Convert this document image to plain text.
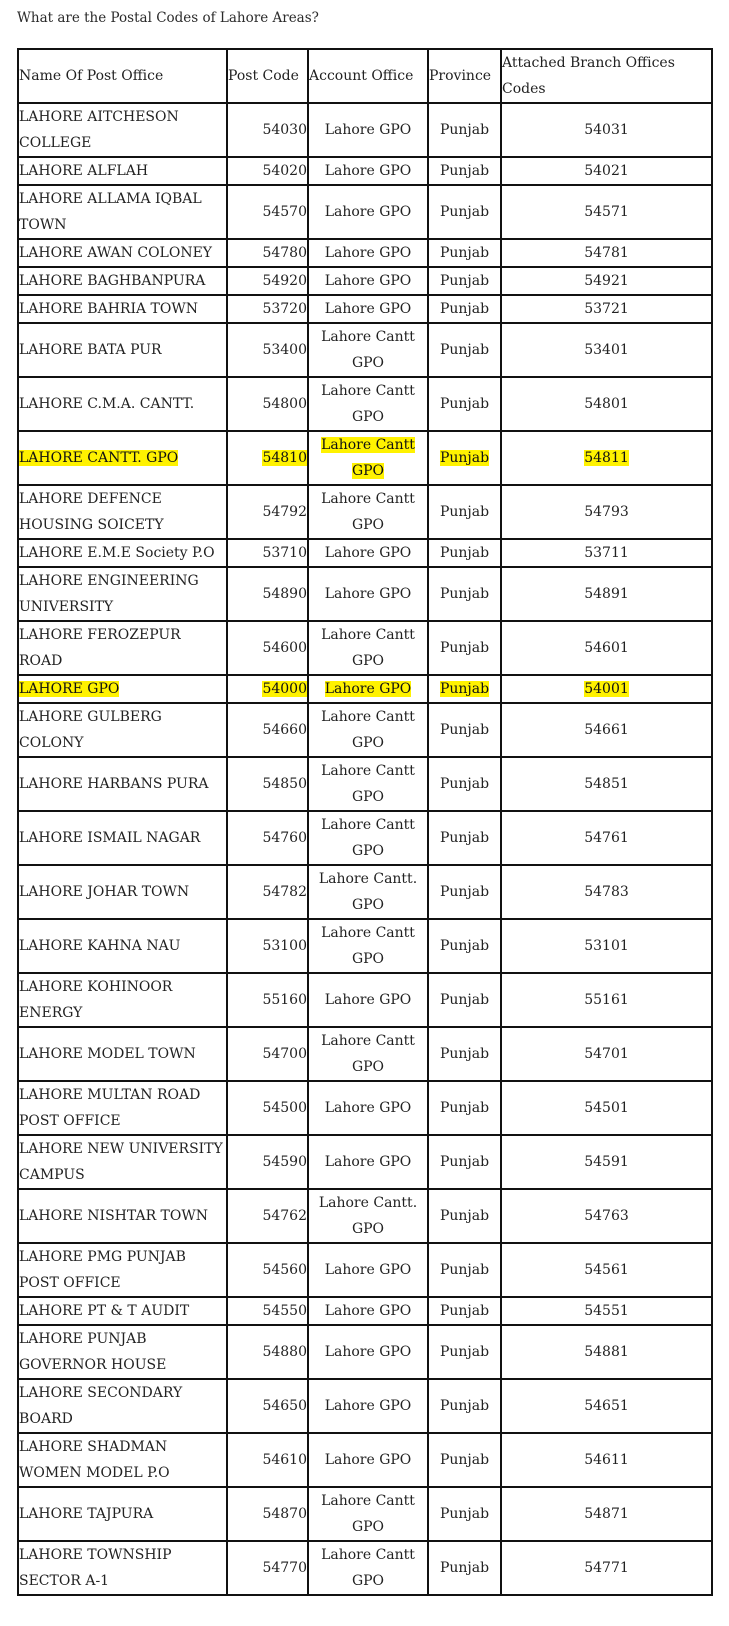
What are the Postal Codes of Lahore Areas?

Name Of Post Office	Post Code	Account Office	Province	Attached Branch Offices Codes
LAHORE AITCHESON COLLEGE	54030	Lahore GPO	Punjab	54031
LAHORE ALFLAH	54020	Lahore GPO	Punjab	54021
LAHORE ALLAMA IQBAL TOWN	54570	Lahore GPO	Punjab	54571
LAHORE AWAN COLONEY	54780	Lahore GPO	Punjab	54781
LAHORE BAGHBANPURA	54920	Lahore GPO	Punjab	54921
LAHORE BAHRIA TOWN	53720	Lahore GPO	Punjab	53721
LAHORE BATA PUR	53400	Lahore Cantt GPO	Punjab	53401
LAHORE C.M.A. CANTT.	54800	Lahore Cantt GPO	Punjab	54801
LAHORE CANTT. GPO	54810	Lahore Cantt GPO	Punjab	54811
LAHORE DEFENCE HOUSING SOICETY	54792	Lahore Cantt GPO	Punjab	54793
LAHORE E.M.E Society P.O	53710	Lahore GPO	Punjab	53711
LAHORE ENGINEERING UNIVERSITY	54890	Lahore GPO	Punjab	54891
LAHORE FEROZEPUR ROAD	54600	Lahore Cantt GPO	Punjab	54601
LAHORE GPO	54000	Lahore GPO	Punjab	54001
LAHORE GULBERG COLONY	54660	Lahore Cantt GPO	Punjab	54661
LAHORE HARBANS PURA	54850	Lahore Cantt GPO	Punjab	54851
LAHORE ISMAIL NAGAR	54760	Lahore Cantt GPO	Punjab	54761
LAHORE JOHAR TOWN	54782	Lahore Cantt. GPO	Punjab	54783
LAHORE KAHNA NAU	53100	Lahore Cantt GPO	Punjab	53101
LAHORE KOHINOOR ENERGY	55160	Lahore GPO	Punjab	55161
LAHORE MODEL TOWN	54700	Lahore Cantt GPO	Punjab	54701
LAHORE MULTAN ROAD POST OFFICE	54500	Lahore GPO	Punjab	54501
LAHORE NEW UNIVERSITY CAMPUS	54590	Lahore GPO	Punjab	54591
LAHORE NISHTAR TOWN	54762	Lahore Cantt. GPO	Punjab	54763
LAHORE PMG PUNJAB POST OFFICE	54560	Lahore GPO	Punjab	54561
LAHORE PT & T AUDIT	54550	Lahore GPO	Punjab	54551
LAHORE PUNJAB GOVERNOR HOUSE	54880	Lahore GPO	Punjab	54881
LAHORE SECONDARY BOARD	54650	Lahore GPO	Punjab	54651
LAHORE SHADMAN WOMEN MODEL P.O	54610	Lahore GPO	Punjab	54611
LAHORE TAJPURA	54870	Lahore Cantt GPO	Punjab	54871
LAHORE TOWNSHIP SECTOR A-1	54770	Lahore Cantt GPO	Punjab	54771
